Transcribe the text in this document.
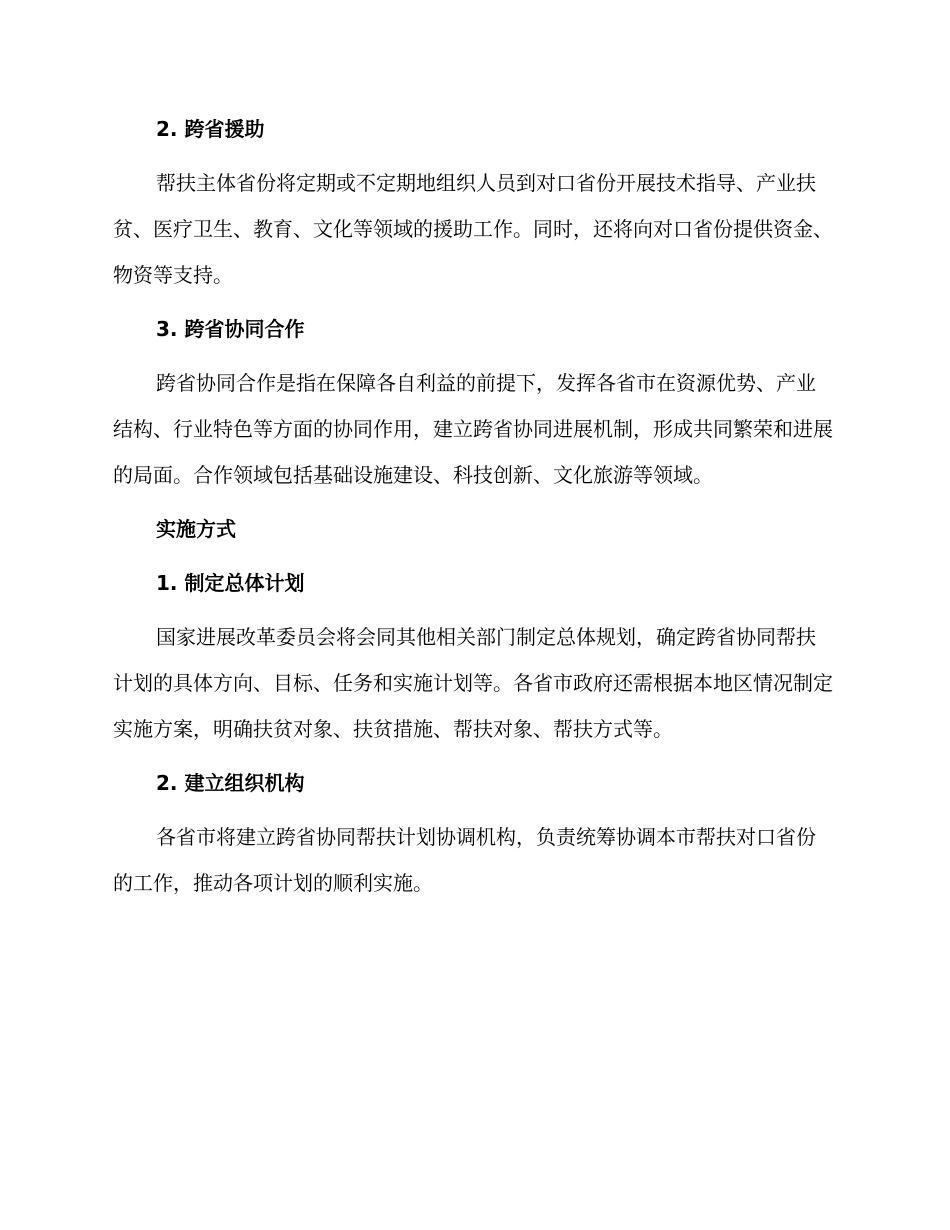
2. 跨省援助

帮扶主体省份将定期或不定期地组织人员到对口省份开展技术指导、产业扶贫、医疗卫生、教育、文化等领域的援助工作。同时，还将向对口省份提供资金、物资等支持。

3. 跨省协同合作

跨省协同合作是指在保障各自利益的前提下，发挥各省市在资源优势、产业结构、行业特色等方面的协同作用，建立跨省协同进展机制，形成共同繁荣和进展的局面。合作领域包括基础设施建设、科技创新、文化旅游等领域。

实施方式

1. 制定总体计划

国家进展改革委员会将会同其他相关部门制定总体规划，确定跨省协同帮扶计划的具体方向、目标、任务和实施计划等。各省市政府还需根据本地区情况制定实施方案，明确扶贫对象、扶贫措施、帮扶对象、帮扶方式等。

2. 建立组织机构

各省市将建立跨省协同帮扶计划协调机构，负责统筹协调本市帮扶对口省份的工作，推动各项计划的顺利实施。
